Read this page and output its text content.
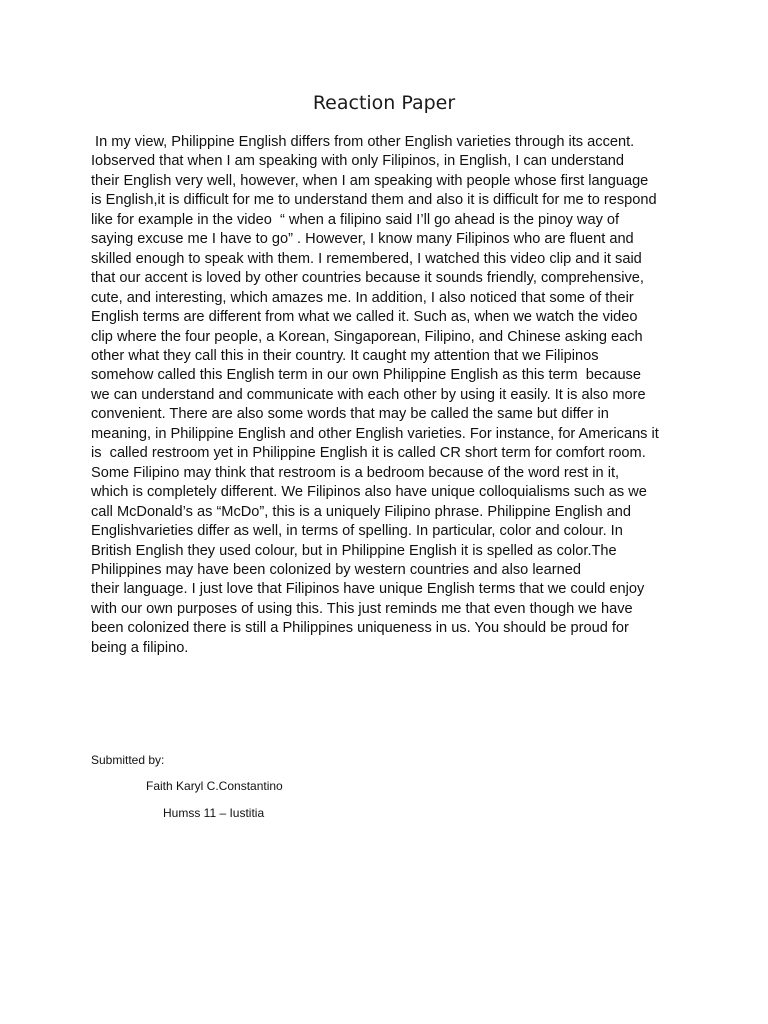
Reaction Paper
In my view, Philippine English differs from other English varieties through its accent.
Iobserved that when I am speaking with only Filipinos, in English, I can understand
their English very well, however, when I am speaking with people whose first language
is English,it is difficult for me to understand them and also it is difficult for me to respond
like for example in the video  “ when a filipino said I’ll go ahead is the pinoy way of
saying excuse me I have to go” . However, I know many Filipinos who are fluent and
skilled enough to speak with them. I remembered, I watched this video clip and it said
that our accent is loved by other countries because it sounds friendly, comprehensive,
cute, and interesting, which amazes me. In addition, I also noticed that some of their
English terms are different from what we called it. Such as, when we watch the video
clip where the four people, a Korean, Singaporean, Filipino, and Chinese asking each
other what they call this in their country. It caught my attention that we Filipinos
somehow called this English term in our own Philippine English as this term  because
we can understand and communicate with each other by using it easily. It is also more
convenient. There are also some words that may be called the same but differ in
meaning, in Philippine English and other English varieties. For instance, for Americans it
is  called restroom yet in Philippine English it is called CR short term for comfort room.
Some Filipino may think that restroom is a bedroom because of the word rest in it,
which is completely different. We Filipinos also have unique colloquialisms such as we
call McDonald’s as “McDo”, this is a uniquely Filipino phrase. Philippine English and
Englishvarieties differ as well, in terms of spelling. In particular, color and colour. In
British English they used colour, but in Philippine English it is spelled as color.The
Philippines may have been colonized by western countries and also learned
their language. I just love that Filipinos have unique English terms that we could enjoy
with our own purposes of using this. This just reminds me that even though we have
been colonized there is still a Philippines uniqueness in us. You should be proud for
being a filipino.
Submitted by:
Faith Karyl C.Constantino
Humss 11 – Iustitia
